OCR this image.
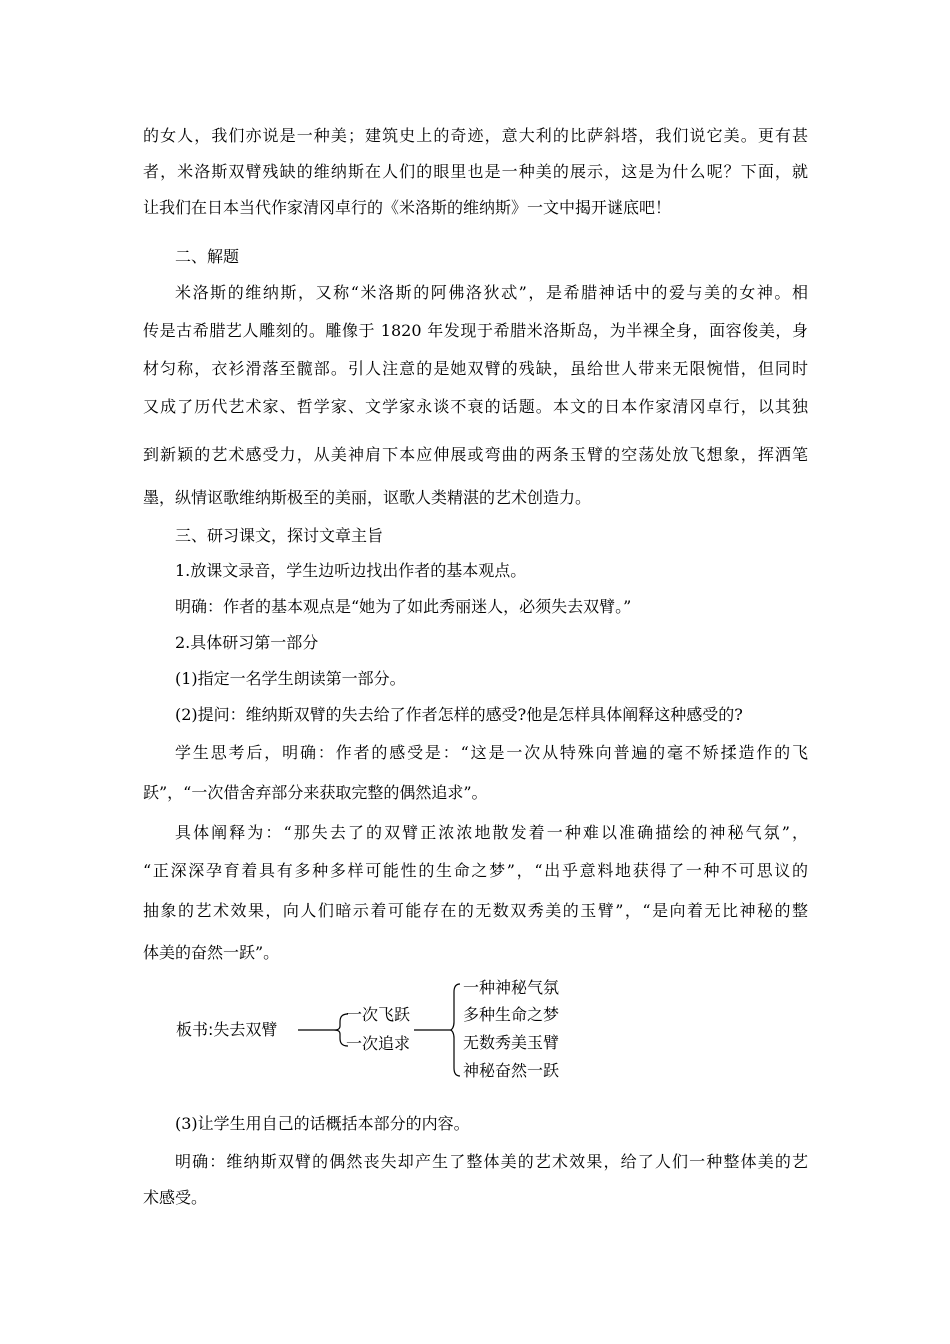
的女人，我们亦说是一种美；建筑史上的奇迹，意大利的比萨斜塔，我们说它美。更有甚

者，米洛斯双臂残缺的维纳斯在人们的眼里也是一种美的展示，这是为什么呢？下面，就

让我们在日本当代作家清冈卓行的《米洛斯的维纳斯》一文中揭开谜底吧！

二、解题

米洛斯的维纳斯，又称“米洛斯的阿佛洛狄忒”，是希腊神话中的爱与美的女神。相

传是古希腊艺人雕刻的。雕像于 1820 年发现于希腊米洛斯岛，为半裸全身，面容俊美，身

材匀称，衣衫滑落至髋部。引人注意的是她双臂的残缺，虽给世人带来无限惋惜，但同时

又成了历代艺术家、哲学家、文学家永谈不衰的话题。本文的日本作家清冈卓行，以其独

到新颖的艺术感受力，从美神肩下本应伸展或弯曲的两条玉臂的空荡处放飞想象，挥洒笔

墨，纵情讴歌维纳斯极至的美丽，讴歌人类精湛的艺术创造力。

三、研习课文，探讨文章主旨

1.放课文录音，学生边听边找出作者的基本观点。

明确：作者的基本观点是“她为了如此秀丽迷人，必须失去双臂。”

2.具体研习第一部分

(1)指定一名学生朗读第一部分。

(2)提问：维纳斯双臂的失去给了作者怎样的感受?他是怎样具体阐释这种感受的?

学生思考后，明确：作者的感受是：“这是一次从特殊向普遍的毫不矫揉造作的飞

跃”，“一次借舍弃部分来获取完整的偶然追求”。

具体阐释为：“那失去了的双臂正浓浓地散发着一种难以准确描绘的神秘气氛”，

“正深深孕育着具有多种多样可能性的生命之梦”，“出乎意料地获得了一种不可思议的

抽象的艺术效果，向人们暗示着可能存在的无数双秀美的玉臂”，“是向着无比神秘的整

体美的奋然一跃”。

板书:失去双臂
一次飞跃
一次追求
一种神秘气氛
多种生命之梦
无数秀美玉臂
神秘奋然一跃

(3)让学生用自己的话概括本部分的内容。

明确：维纳斯双臂的偶然丧失却产生了整体美的艺术效果，给了人们一种整体美的艺

术感受。
